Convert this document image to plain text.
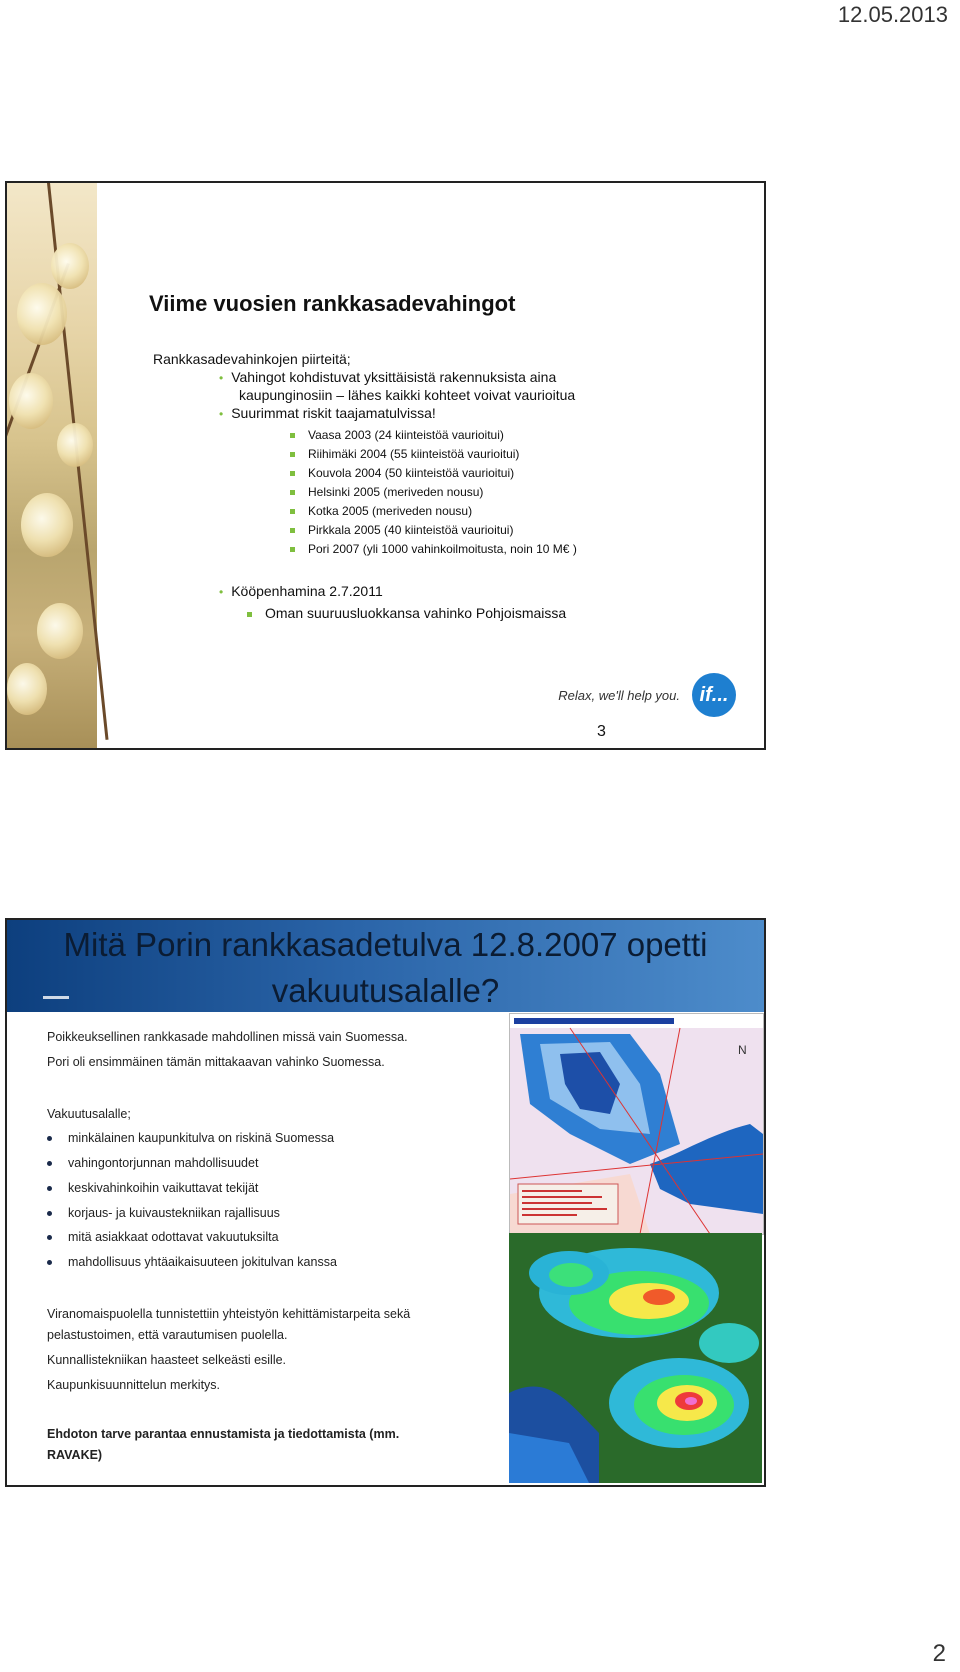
12.05.2013
Viime vuosien rankkasadevahingot
Rankkasadevahinkojen piirteitä;
• Vahingot kohdistuvat yksittäisistä rakennuksista aina
kaupunginosiin – lähes kaikki kohteet voivat vaurioitua
• Suurimmat riskit taajamatulvissa!
Vaasa 2003 (24 kiinteistöä vaurioitui)
Riihimäki 2004 (55 kiinteistöä vaurioitui)
Kouvola 2004 (50 kiinteistöä vaurioitui)
Helsinki 2005 (meriveden nousu)
Kotka 2005 (meriveden nousu)
Pirkkala 2005 (40 kiinteistöä vaurioitui)
Pori 2007 (yli 1000 vahinkoilmoitusta, noin 10 M€ )
• Kööpenhamina 2.7.2011
Oman suuruusluokkansa vahinko Pohjoismaissa
Relax, we'll help you. if...
3
Mitä Porin rankkasadetulva 12.8.2007 opetti
vakuutusalalle?
Poikkeuksellinen rankkasade mahdollinen missä vain Suomessa.
Pori oli ensimmäinen tämän mittakaavan vahinko Suomessa.
Vakuutusalalle;
minkälainen kaupunkitulva on riskinä Suomessa
vahingontorjunnan mahdollisuudet
keskivahinkoihin vaikuttavat tekijät
korjaus- ja kuivaustekniikan rajallisuus
mitä asiakkaat odottavat vakuutuksilta
mahdollisuus yhtäaikaisuuteen jokitulvan kanssa
Viranomaispuolella tunnistettiin yhteistyön kehittämistarpeita sekä
pelastustoimen, että varautumisen puolella.
Kunnallistekniikan haasteet selkeästi esille.
Kaupunkisuunnittelun merkitys.
Ehdoton tarve parantaa ennustamista ja tiedottamista (mm.
RAVAKE)
N
2
